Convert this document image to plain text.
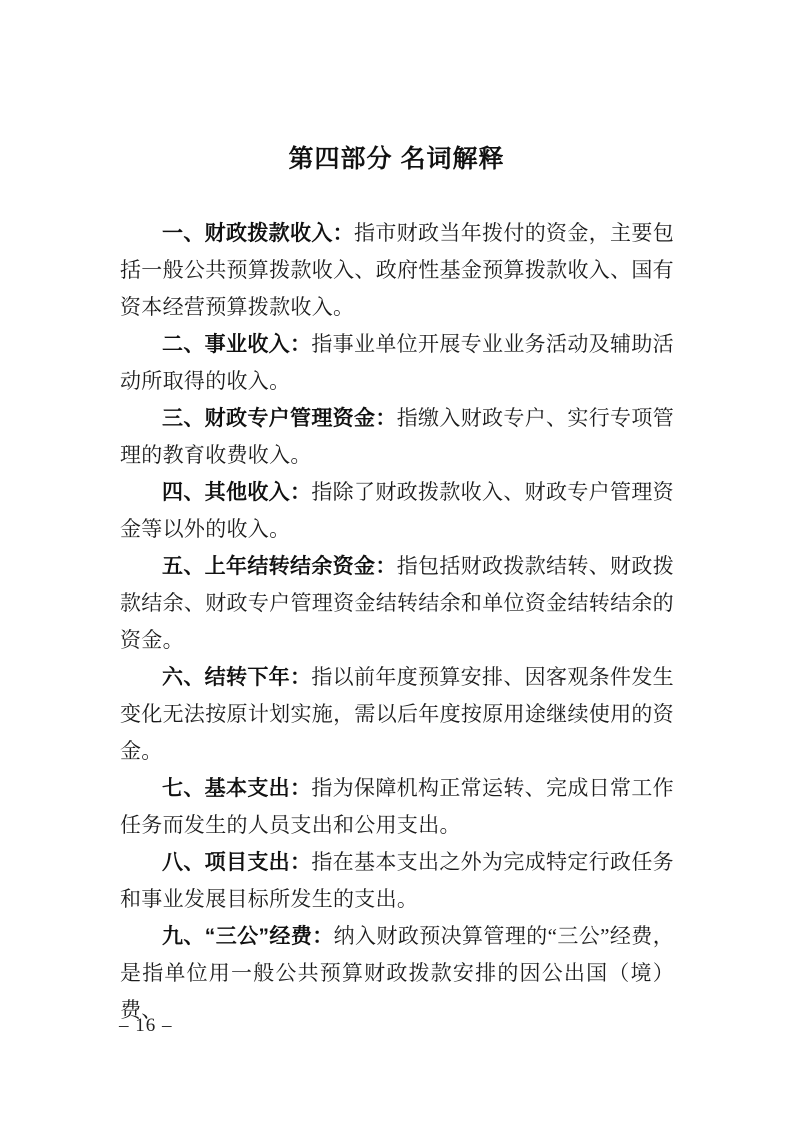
第四部分 名词解释

一、财政拨款收入：指市财政当年拨付的资金，主要包括一般公共预算拨款收入、政府性基金预算拨款收入、国有资本经营预算拨款收入。

二、事业收入：指事业单位开展专业业务活动及辅助活动所取得的收入。

三、财政专户管理资金：指缴入财政专户、实行专项管理的教育收费收入。

四、其他收入：指除了财政拨款收入、财政专户管理资金等以外的收入。

五、上年结转结余资金：指包括财政拨款结转、财政拨款结余、财政专户管理资金结转结余和单位资金结转结余的资金。

六、结转下年：指以前年度预算安排、因客观条件发生变化无法按原计划实施，需以后年度按原用途继续使用的资金。

七、基本支出：指为保障机构正常运转、完成日常工作任务而发生的人员支出和公用支出。

八、项目支出：指在基本支出之外为完成特定行政任务和事业发展目标所发生的支出。

九、“三公”经费：纳入财政预决算管理的“三公”经费，是指单位用一般公共预算财政拨款安排的因公出国（境）费、

– 16 –
